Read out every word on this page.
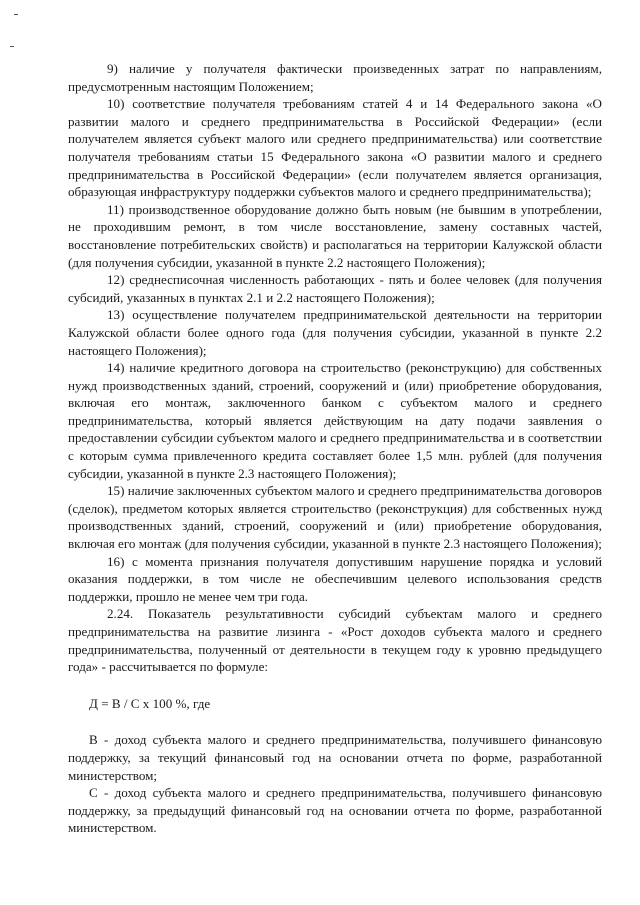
9) наличие у получателя фактически произведенных затрат по направлениям, предусмотренным настоящим Положением;

10) соответствие получателя требованиям статей 4 и 14 Федерального закона «О развитии малого и среднего предпринимательства в Российской Федерации» (если получателем является субъект малого или среднего предпринимательства) или соответствие получателя требованиям статьи 15 Федерального закона «О развитии малого и среднего предпринимательства в Российской Федерации» (если получателем является организация, образующая инфраструктуру поддержки субъектов малого и среднего предпринимательства);

11) производственное оборудование должно быть новым (не бывшим в употреблении, не проходившим ремонт, в том числе восстановление, замену составных частей, восстановление потребительских свойств) и располагаться на территории Калужской области (для получения субсидии, указанной в пункте 2.2 настоящего Положения);

12) среднесписочная численность работающих - пять и более человек (для получения субсидий, указанных в пунктах 2.1 и 2.2 настоящего Положения);

13) осуществление получателем предпринимательской деятельности на территории Калужской области более одного года (для получения субсидии, указанной в пункте 2.2 настоящего Положения);

14) наличие кредитного договора на строительство (реконструкцию) для собственных нужд производственных зданий, строений, сооружений и (или) приобретение оборудования, включая его монтаж, заключенного банком с субъектом малого и среднего предпринимательства, который является действующим на дату подачи заявления о предоставлении субсидии субъектом малого и среднего предпринимательства и в соответствии с которым сумма привлеченного кредита составляет более 1,5 млн. рублей (для получения субсидии, указанной в пункте 2.3 настоящего Положения);

15) наличие заключенных субъектом малого и среднего предпринимательства договоров (сделок), предметом которых является строительство (реконструкция) для собственных нужд производственных зданий, строений, сооружений и (или) приобретение оборудования, включая его монтаж (для получения субсидии, указанной в пункте 2.3 настоящего Положения);

16) с момента признания получателя допустившим нарушение порядка и условий оказания поддержки, в том числе не обеспечившим целевого использования средств поддержки, прошло не менее чем три года.

2.24. Показатель результативности субсидий субъектам малого и среднего предпринимательства на развитие лизинга - «Рост доходов субъекта малого и среднего предпринимательства, полученный от деятельности в текущем году к уровню предыдущего года» - рассчитывается по формуле:

Д = В / С х 100 %, где

В - доход субъекта малого и среднего предпринимательства, получившего финансовую поддержку, за текущий финансовый год на основании отчета по форме, разработанной министерством;

С - доход субъекта малого и среднего предпринимательства, получившего финансовую поддержку, за предыдущий финансовый год на основании отчета по форме, разработанной министерством.
